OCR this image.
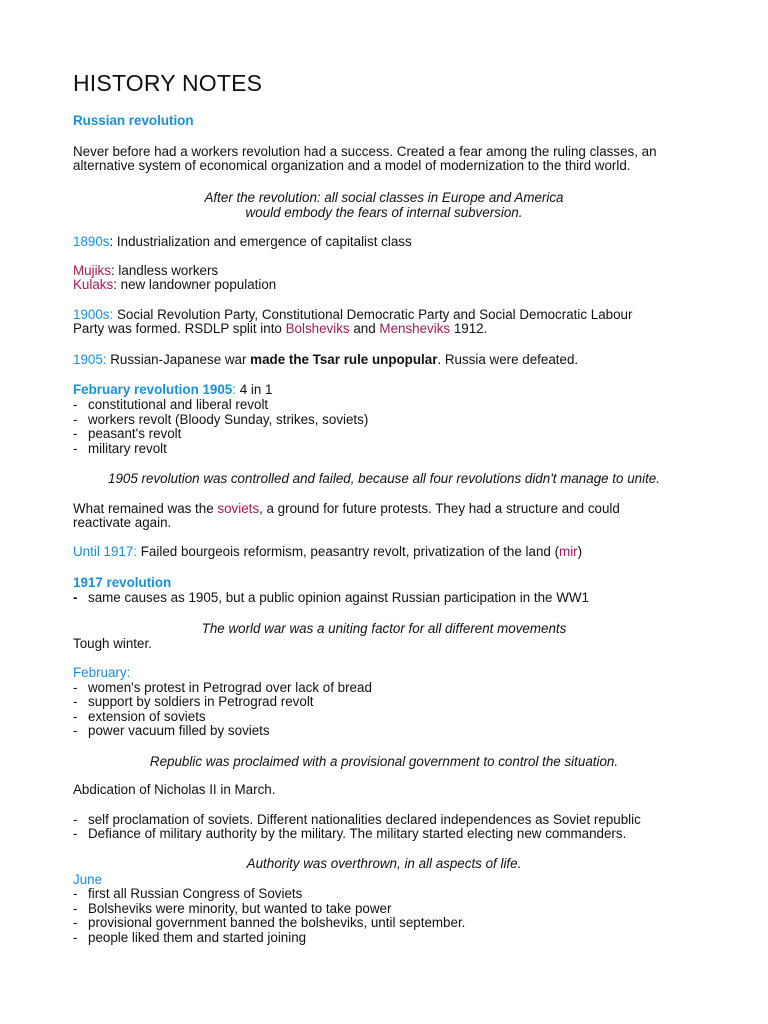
HISTORY NOTES

Russian revolution

Never before had a workers revolution had a success. Created a fear among the ruling classes, an

alternative system of economical organization and a model of modernization to the third world.

After the revolution: all social classes in Europe and America

would embody the fears of internal subversion.

1890s: Industrialization and emergence of capitalist class

Mujiks: landless workers

Kulaks: new landowner population

1900s: Social Revolution Party, Constitutional Democratic Party and Social Democratic Labour

Party was formed. RSDLP split into Bolsheviks and Mensheviks 1912.

1905: Russian-Japanese war made the Tsar rule unpopular. Russia were defeated.

February revolution 1905: 4 in 1

- constitutional and liberal revolt

- workers revolt (Bloody Sunday, strikes, soviets)

- peasant's revolt

- military revolt

1905 revolution was controlled and failed, because all four revolutions didn't manage to unite.

What remained was the soviets, a ground for future protests. They had a structure and could

reactivate again.

Until 1917: Failed bourgeois reformism, peasantry revolt, privatization of the land (mir)

1917 revolution

- same causes as 1905, but a public opinion against Russian participation in the WW1

The world war was a uniting factor for all different movements

Tough winter.

February:

- women's protest in Petrograd over lack of bread

- support by soldiers in Petrograd revolt

- extension of soviets

- power vacuum filled by soviets

Republic was proclaimed with a provisional government to control the situation.

Abdication of Nicholas II in March.

- self proclamation of soviets. Different nationalities declared independences as Soviet republic

- Defiance of military authority by the military. The military started electing new commanders.

Authority was overthrown, in all aspects of life.

June

- first all Russian Congress of Soviets

- Bolsheviks were minority, but wanted to take power

- provisional government banned the bolsheviks, until september.

- people liked them and started joining
